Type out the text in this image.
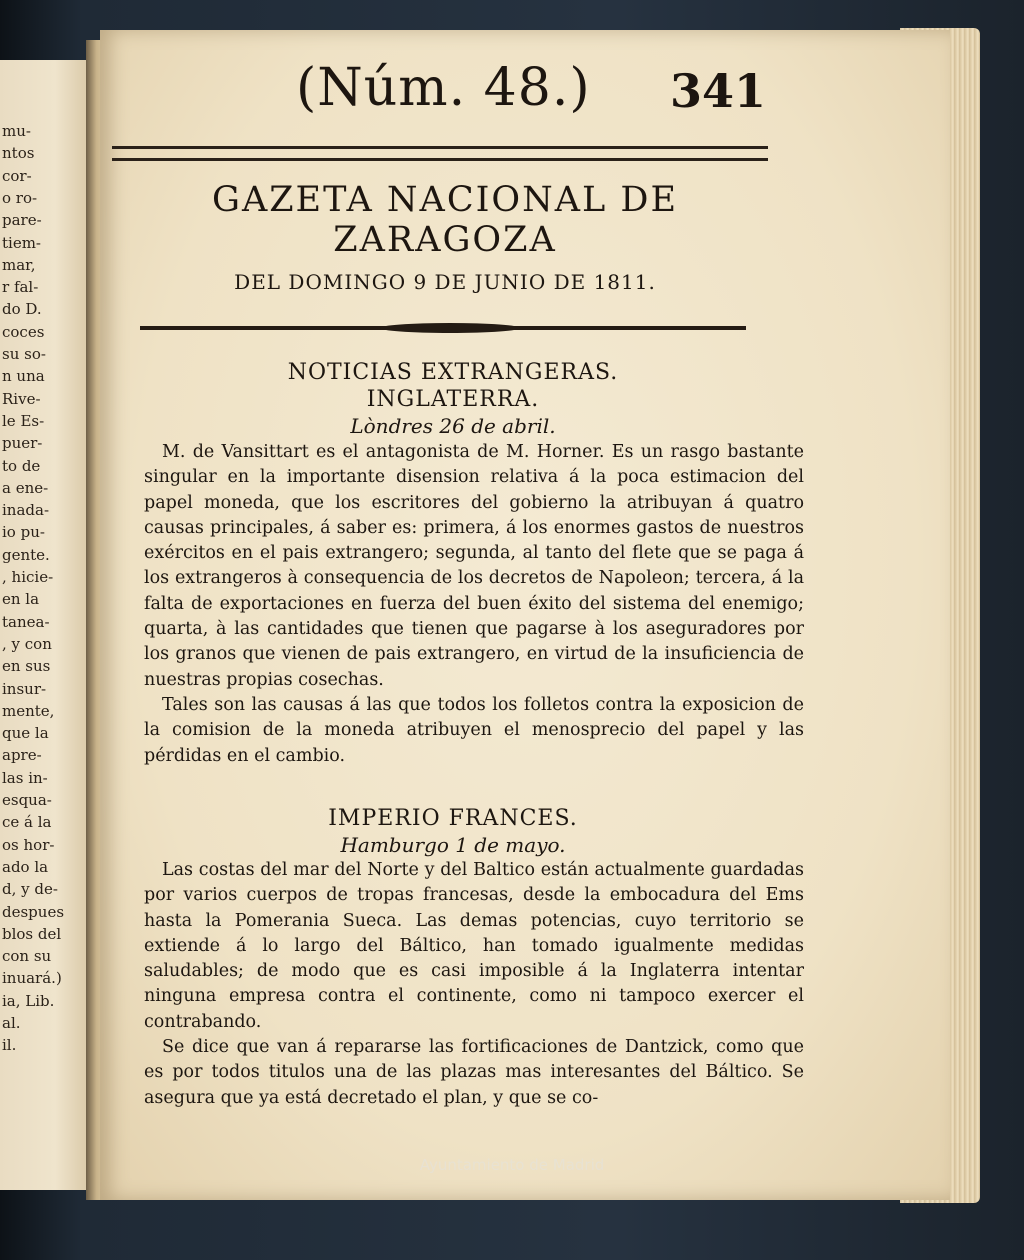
mu-
ntos
cor-
o ro-
pare-
tiem-
mar,
r fal-
do D.
coces
su so-
n una
Rive-
le Es-
puer-
to de
a ene-
inada-
io pu-
gente.
, hicie-
en la
tanea-
, y con
en sus
insur-
mente,
que la
apre-
las in-
esqua-
ce á la
os hor-
ado la
d, y de-
despues
blos del
con su
inuará.)
ia, Lib.
al.
il.
(Núm. 48.) 341
GAZETA NACIONAL DE ZARAGOZA
DEL DOMINGO 9 DE JUNIO DE 1811.
NOTICIAS EXTRANGERAS.
INGLATERRA.
Lòndres 26 de abril.

M. de Vansittart es el antagonista de M. Horner. Es un rasgo bastante singular en la importante disension relativa á la poca estimacion del papel moneda, que los escritores del gobierno la atribuyan á quatro causas principales, á saber es: primera, á los enormes gastos de nuestros exércitos en el pais extrangero; segunda, al tanto del flete que se paga á los extrangeros à consequencia de los decretos de Napoleon; tercera, á la falta de exportaciones en fuerza del buen éxito del sistema del enemigo; quarta, à las cantidades que tienen que pagarse à los aseguradores por los granos que vienen de pais extrangero, en virtud de la insuficiencia de nuestras propias cosechas.

Tales son las causas á las que todos los folletos contra la exposicion de la comision de la moneda atribuyen el menosprecio del papel y las pérdidas en el cambio.

IMPERIO FRANCES.
Hamburgo 1 de mayo.

Las costas del mar del Norte y del Baltico están actualmente guardadas por varios cuerpos de tropas francesas, desde la embocadura del Ems hasta la Pomerania Sueca. Las demas potencias, cuyo territorio se extiende á lo largo del Báltico, han tomado igualmente medidas saludables; de modo que es casi imposible á la Inglaterra intentar ninguna empresa contra el continente, como ni tampoco exercer el contrabando.

Se dice que van á repararse las fortificaciones de Dantzick, como que es por todos titulos una de las plazas mas interesantes del Báltico. Se asegura que ya está decretado el plan, y que se co-

Ayuntamiento de Madrid
